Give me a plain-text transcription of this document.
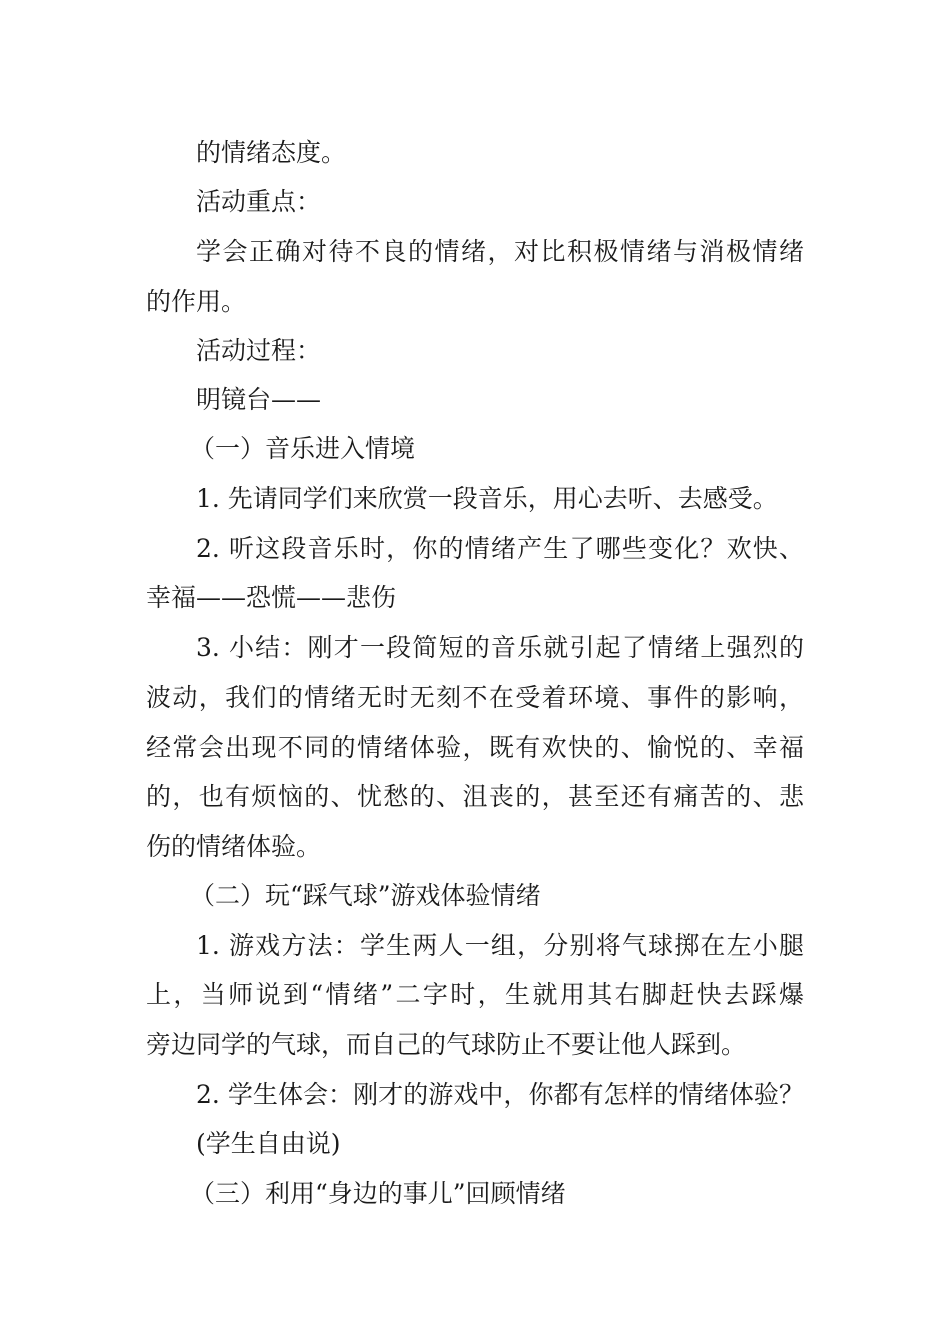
的情绪态度。
活动重点：
学会正确对待不良的情绪，对比积极情绪与消极情绪
的作用。
活动过程：
明镜台——
（一）音乐进入情境
1. 先请同学们来欣赏一段音乐，用心去听、去感受。
2. 听这段音乐时，你的情绪产生了哪些变化？欢快、
幸福——恐慌——悲伤
3. 小结：刚才一段简短的音乐就引起了情绪上强烈的
波动，我们的情绪无时无刻不在受着环境、事件的影响，
经常会出现不同的情绪体验，既有欢快的、愉悦的、幸福
的，也有烦恼的、忧愁的、沮丧的，甚至还有痛苦的、悲
伤的情绪体验。
（二）玩“踩气球”游戏体验情绪
1. 游戏方法：学生两人一组，分别将气球掷在左小腿
上，当师说到“情绪”二字时，生就用其右脚赶快去踩爆
旁边同学的气球，而自己的气球防止不要让他人踩到。
2. 学生体会：刚才的游戏中，你都有怎样的情绪体验？
(学生自由说)
（三）利用“身边的事儿”回顾情绪
